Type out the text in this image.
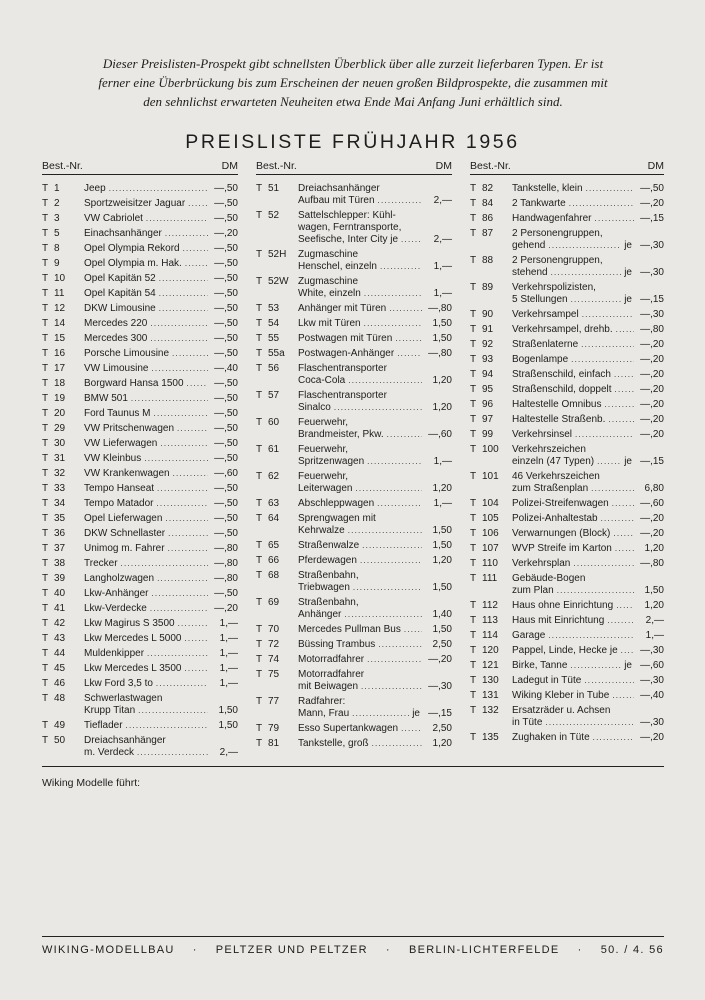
Dieser Preislisten-Prospekt gibt schnellsten Überblick über alle zurzeit lieferbaren Typen. Er ist
ferner eine Überbrückung bis zum Erscheinen der neuen großen Bildprospekte, die zusammen mit
den sehnlichst erwarteten Neuheiten etwa Ende Mai Anfang Juni erhältlich sind.
PREISLISTE FRÜHJAHR 1956
Best.-Nr.	DM
T 1 Jeep . . .	—,50
T 2 Sportzweisitzer Jaguar . . .	—,50
T 3 VW Cabriolet . . .	—,50
T 5 Einachsanhänger . . .	—,20
T 8 Opel Olympia Rekord . . .	—,50
T 9 Opel Olympia m. Hak. . . .	—,50
T 10 Opel Kapitän 52 . . .	—,50
T 11 Opel Kapitän 54 . . .	—,50
T 12 DKW Limousine . . .	—,50
T 14 Mercedes 220 . . .	—,50
T 15 Mercedes 300 . . .	—,50
T 16 Porsche Limousine . . .	—,50
T 17 VW Limousine . . .	—,40
T 18 Borgward Hansa 1500 . . .	—,50
T 19 BMW 501 . . .	—,50
T 20 Ford Taunus M . . .	—,50
T 29 VW Pritschenwagen . . .	—,50
T 30 VW Lieferwagen . . .	—,50
T 31 VW Kleinbus . . .	—,50
T 32 VW Krankenwagen . . .	—,60
T 33 Tempo Hanseat . . .	—,50
T 34 Tempo Matador . . .	—,50
T 35 Opel Lieferwagen . . .	—,50
T 36 DKW Schnellaster . . .	—,50
T 37 Unimog m. Fahrer . . .	—,80
T 38 Trecker . . .	—,80
T 39 Langholzwagen . . .	—,80
T 40 Lkw-Anhänger . . .	—,50
T 41 Lkw-Verdecke . . .	—,20
T 42 Lkw Magirus S 3500 . . .	1,—
T 43 Lkw Mercedes L 5000 . . .	1,—
T 44 Muldenkipper . . .	1,—
T 45 Lkw Mercedes L 3500 . . .	1,—
T 46 Lkw Ford 3,5 to . . .	1,—
T 48 Schwerlastwagen
Krupp Titan . . .	1,50
T 49 Tieflader . . .	1,50
T 50 Dreiachsanhänger
m. Verdeck . . .	2,—
Best.-Nr.	DM
T 51 Dreiachsanhänger
Aufbau mit Türen . . .	2,—
T 52 Sattelschlepper: Kühl-
wagen, Ferntransporte,
Seefische, Inter City je . . .	2,—
T 52H Zugmaschine
Henschel, einzeln . . .	1,—
T 52W Zugmaschine
White, einzeln . . .	1,—
T 53 Anhänger mit Türen . . .	—,80
T 54 Lkw mit Türen . . .	1,50
T 55 Postwagen mit Türen . . .	1,50
T 55a Postwagen-Anhänger . . .	—,80
T 56 Flaschentransporter
Coca-Cola . . .	1,20
T 57 Flaschentransporter
Sinalco . . .	1,20
T 60 Feuerwehr,
Brandmeister, Pkw. . . .	—,60
T 61 Feuerwehr,
Spritzenwagen . . .	1,—
T 62 Feuerwehr,
Leiterwagen . . .	1,20
T 63 Abschleppwagen . . .	1,—
T 64 Sprengwagen mit
Kehrwalze . . .	1,50
T 65 Straßenwalze . . .	1,50
T 66 Pferdewagen . . .	1,20
T 68 Straßenbahn,
Triebwagen . . .	1,50
T 69 Straßenbahn,
Anhänger . . .	1,40
T 70 Mercedes Pullman Bus . . .	1,50
T 72 Büssing Trambus . . .	2,50
T 74 Motorradfahrer . . .	—,20
T 75 Motorradfahrer
mit Beiwagen . . .	—,30
T 77 Radfahrer:
Mann, Frau . . .	je —,15
T 79 Esso Supertankwagen . . .	2,50
T 81 Tankstelle, groß . . .	1,20
Best.-Nr.	DM
T 82 Tankstelle, klein . . .	—,50
T 84 2 Tankwarte . . .	—,20
T 86 Handwagenfahrer . . .	—,15
T 87 2 Personengruppen,
gehend . . .	je —,30
T 88 2 Personengruppen,
stehend . . .	je —,30
T 89 Verkehrspolizisten,
5 Stellungen . . .	je —,15
T 90 Verkehrsampel . . .	—,30
T 91 Verkehrsampel, drehb. . . .	—,80
T 92 Straßenlaterne . . .	—,20
T 93 Bogenlampe . . .	—,20
T 94 Straßenschild, einfach . . .	—,20
T 95 Straßenschild, doppelt . . .	—,20
T 96 Haltestelle Omnibus . . .	—,20
T 97 Haltestelle Straßenb. . . .	—,20
T 99 Verkehrsinsel . . .	—,20
T 100 Verkehrszeichen
einzeln (47 Typen) . . .	je —,15
T 101 46 Verkehrszeichen
zum Straßenplan . . .	6,80
T 104 Polizei-Streifenwagen . . .	—,60
T 105 Polizei-Anhaltestab . . .	—,20
T 106 Verwarnungen (Block) . . .	—,20
T 107 WVP Streife im Karton . . .	1,20
T 110 Verkehrsplan . . .	—,80
T 111 Gebäude-Bogen
zum Plan . . .	1,50
T 112 Haus ohne Einrichtung . . .	1,20
T 113 Haus mit Einrichtung . . .	2,—
T 114 Garage . . .	1,—
T 120 Pappel, Linde, Hecke je . . .	—,30
T 121 Birke, Tanne . . .	je —,60
T 130 Ladegut in Tüte . . .	—,30
T 131 Wiking Kleber in Tube . . .	—,40
T 132 Ersatzräder u. Achsen
in Tüte . . .	—,30
T 135 Zughaken in Tüte . . .	—,20
Wiking Modelle führt:
WIKING-MODELLBAU · PELTZER UND PELTZER · BERLIN-LICHTERFELDE · 50. / 4. 56
